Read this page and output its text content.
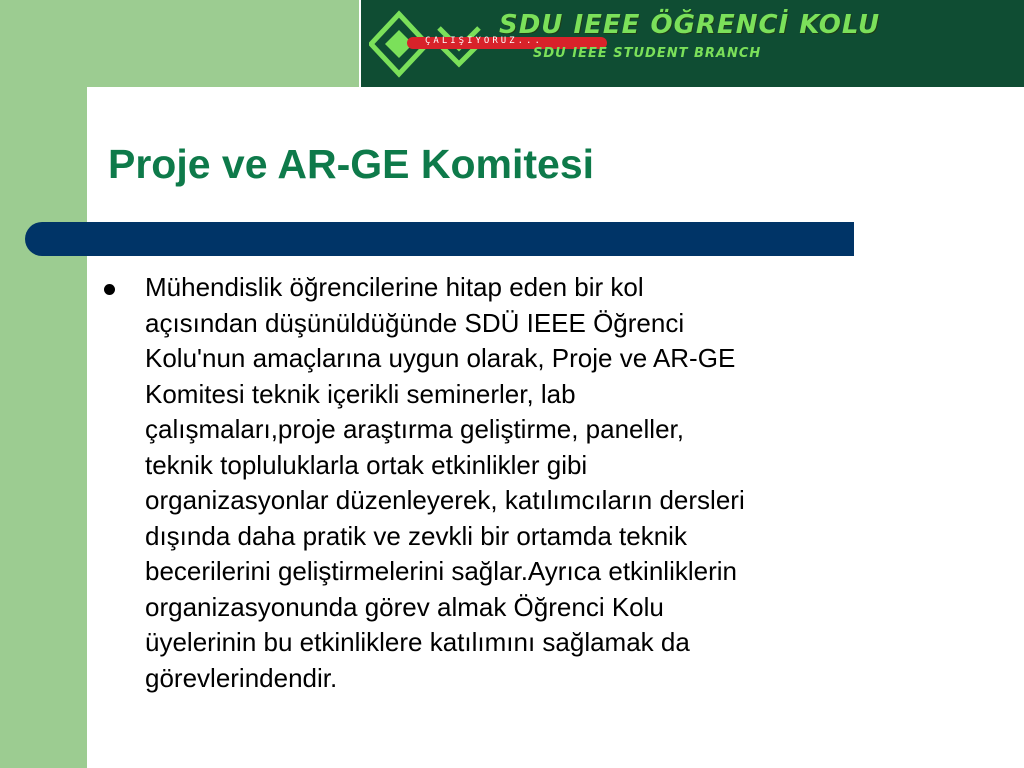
ÇALIŞIYORUZ...
SDU IEEE ÖĞRENCİ KOLU
SDU IEEE STUDENT BRANCH
Proje ve AR-GE Komitesi

Mühendislik öğrencilerine hitap eden bir kol
açısından düşünüldüğünde SDÜ IEEE Öğrenci
Kolu'nun amaçlarına uygun olarak, Proje ve AR-GE
Komitesi teknik içerikli seminerler, lab
çalışmaları,proje araştırma geliştirme, paneller,
teknik topluluklarla ortak etkinlikler gibi
organizasyonlar düzenleyerek, katılımcıların dersleri
dışında daha pratik ve zevkli bir ortamda teknik
becerilerini geliştirmelerini sağlar.Ayrıca etkinliklerin
organizasyonunda görev almak Öğrenci Kolu
üyelerinin bu etkinliklere katılımını sağlamak da
görevlerindendir.
